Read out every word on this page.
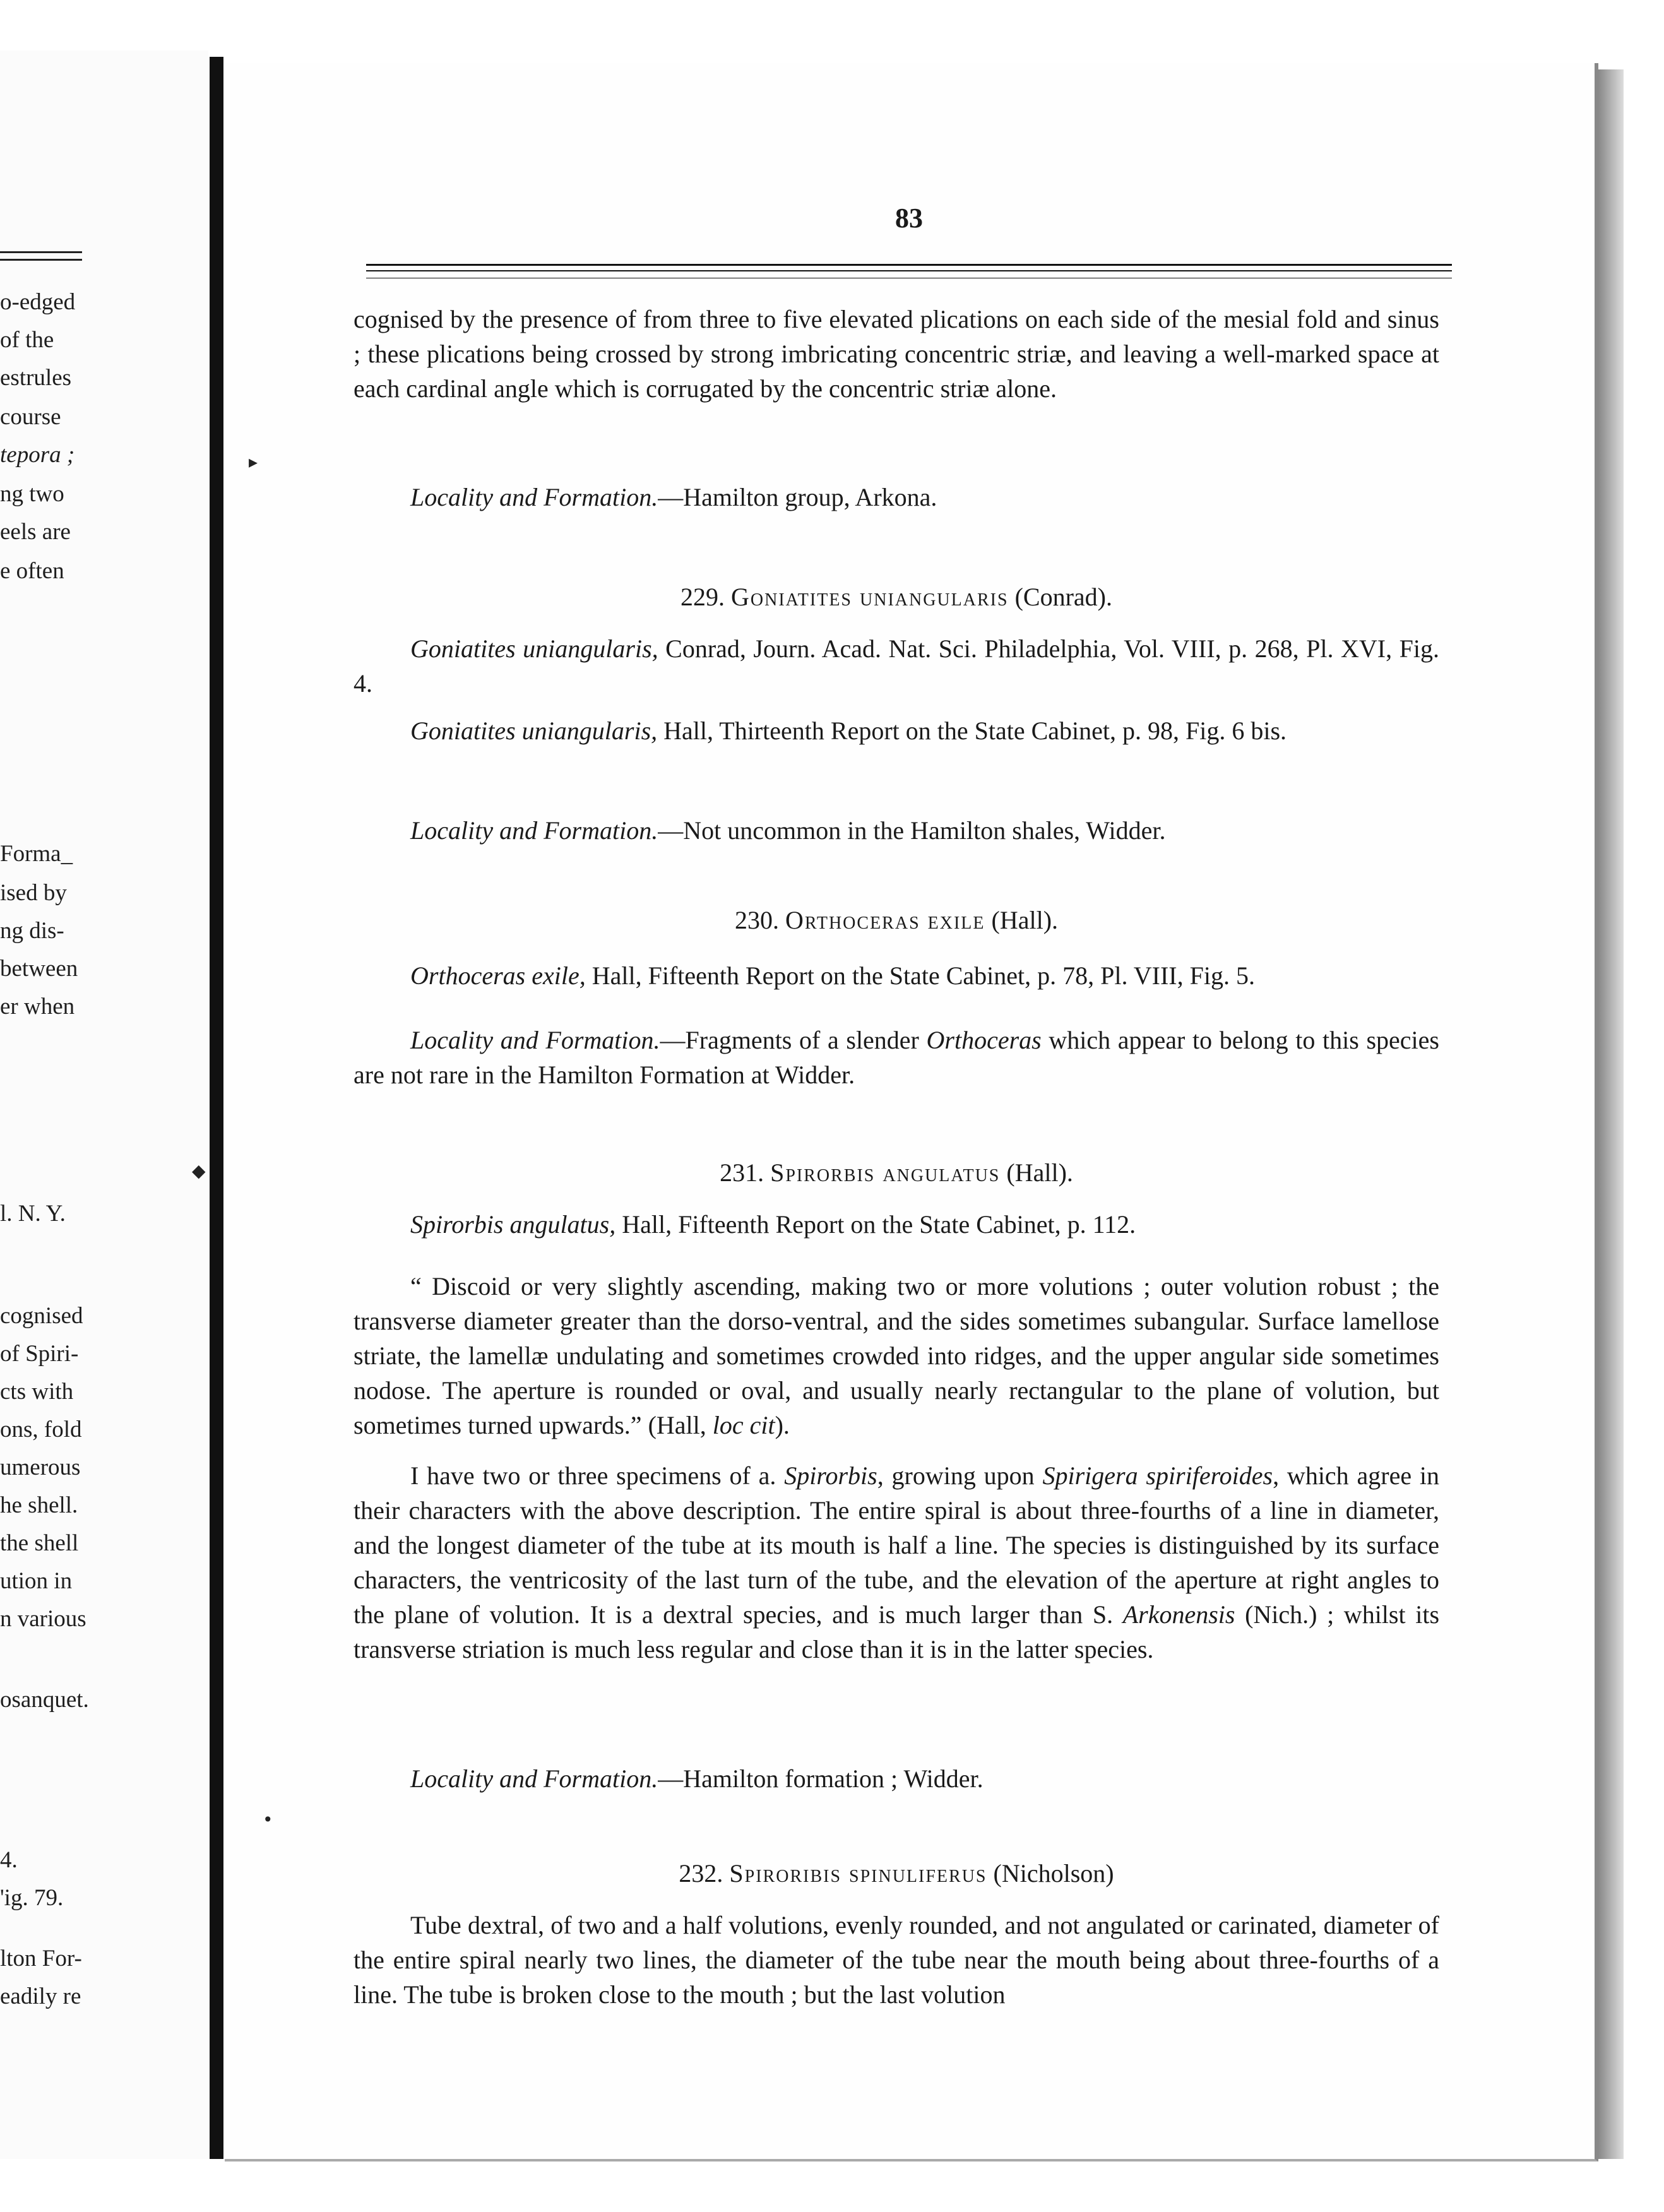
o-edged
of the
estrules
course
tepora ;
ng two
eels are
e often
Forma_
ised by
ng dis-
between
er when
l. N. Y.
cognised
of Spiri-
cts with
ons, fold
umerous
he shell.
the shell
ution in
n various
osanquet.
4.
'ig. 79.
lton For-
eadily re
83
cognised by the presence of from three to five elevated plications on each side of the mesial fold and sinus ; these plications being crossed by strong imbricating concentric striæ, and leaving a well-marked space at each cardinal angle which is corrugated by the concentric striæ alone.
Locality and Formation.—Hamilton group, Arkona.
229. Goniatites uniangularis (Conrad).
Goniatites uniangularis, Conrad, Journ. Acad. Nat. Sci. Philadelphia, Vol. VIII, p. 268, Pl. XVI, Fig. 4.
Goniatites uniangularis, Hall, Thirteenth Report on the State Cabinet, p. 98, Fig. 6 bis.
Locality and Formation.—Not uncommon in the Hamilton shales, Widder.
230. Orthoceras exile (Hall).
Orthoceras exile, Hall, Fifteenth Report on the State Cabinet, p. 78, Pl. VIII, Fig. 5.
Locality and Formation.—Fragments of a slender Orthoceras which appear to belong to this species are not rare in the Hamilton Formation at Widder.
231. Spirorbis angulatus (Hall).
Spirorbis angulatus, Hall, Fifteenth Report on the State Cabinet, p. 112.
“ Discoid or very slightly ascending, making two or more volutions ; outer volution robust ; the transverse diameter greater than the dorso-ventral, and the sides sometimes subangular. Surface lamellose striate, the lamellæ undulating and sometimes crowded into ridges, and the upper angular side sometimes nodose. The aperture is rounded or oval, and usually nearly rectangular to the plane of volution, but sometimes turned upwards.” (Hall, loc cit).
I have two or three specimens of a. Spirorbis, growing upon Spirigera spiriferoides, which agree in their characters with the above description. The entire spiral is about three-fourths of a line in diameter, and the longest diameter of the tube at its mouth is half a line. The species is distinguished by its surface characters, the ventricosity of the last turn of the tube, and the elevation of the aperture at right angles to the plane of volution. It is a dextral species, and is much larger than S. Arkonensis (Nich.) ; whilst its transverse striation is much less regular and close than it is in the latter species.
Locality and Formation.—Hamilton formation ; Widder.
232. Spiroribis spinuliferus (Nicholson)
Tube dextral, of two and a half volutions, evenly rounded, and not angulated or carinated, diameter of the entire spiral nearly two lines, the diameter of the tube near the mouth being about three-fourths of a line. The tube is broken close to the mouth ; but the last volution
▸
◆
•
